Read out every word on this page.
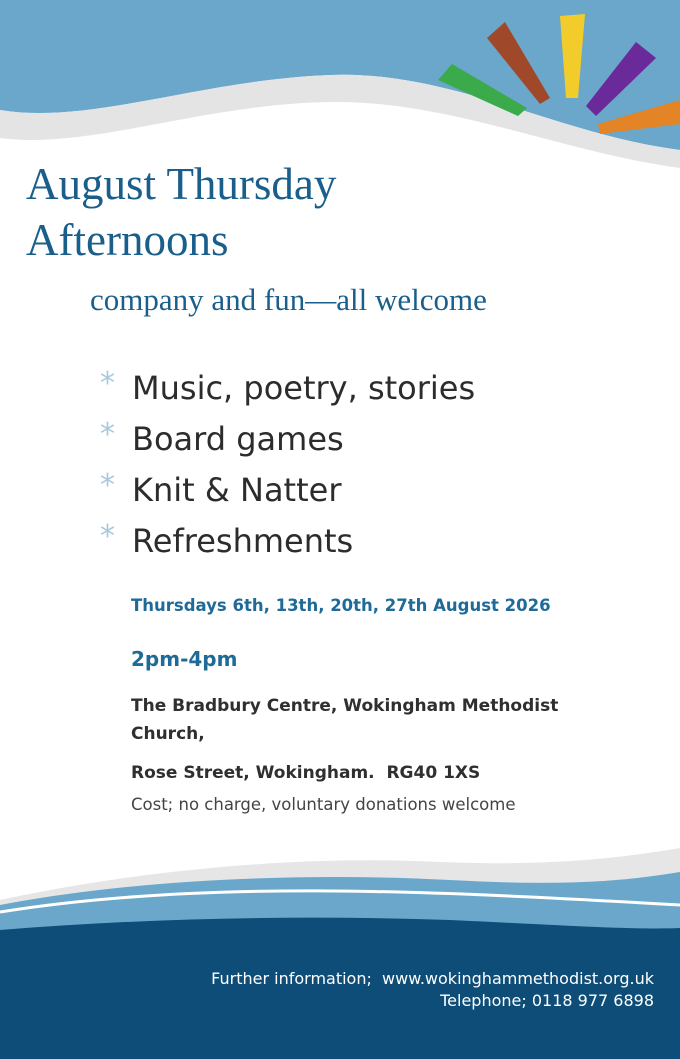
August Thursday
Afternoons

company and fun—all welcome

* Music, poetry, stories
* Board games
* Knit & Natter
* Refreshments
Thursdays 6th, 13th, 20th, 27th August 2026
2pm-4pm
The Bradbury Centre, Wokingham Methodist Church,
Rose Street, Wokingham.  RG40 1XS
Cost; no charge, voluntary donations welcome
Further information;  www.wokinghammethodist.org.uk
Telephone; 0118 977 6898
